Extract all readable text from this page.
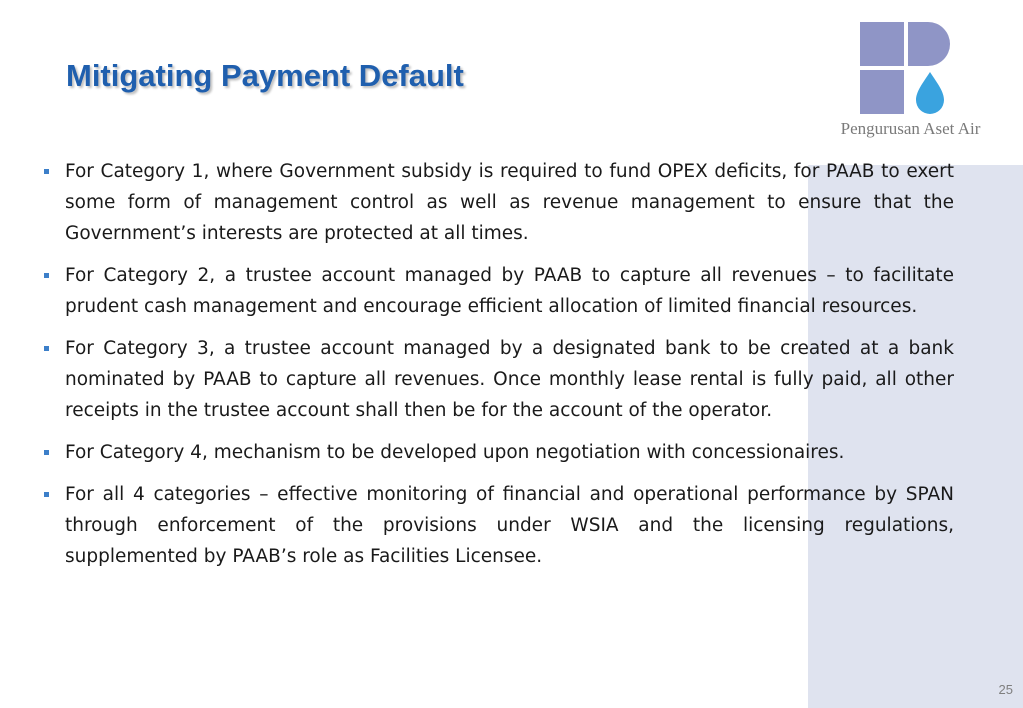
Mitigating Payment Default
Pengurusan Aset Air
For Category 1, where Government subsidy is required to fund OPEX deficits, for PAAB to exert some form of management control as well as revenue management to ensure that the Government’s interests are protected at all times.
For Category 2, a trustee account managed by PAAB to capture all revenues – to facilitate prudent cash management and encourage efficient allocation of limited financial resources.
For Category 3, a trustee account managed by a designated bank to be created at a bank nominated by PAAB to capture all revenues. Once monthly lease rental is fully paid, all other receipts in the trustee account shall then be for the account of the operator.
For Category 4, mechanism to be developed upon negotiation with concessionaires.
For all 4 categories – effective monitoring of financial and operational performance by SPAN through enforcement of the provisions under WSIA and the licensing regulations, supplemented by PAAB’s role as Facilities Licensee.
25
